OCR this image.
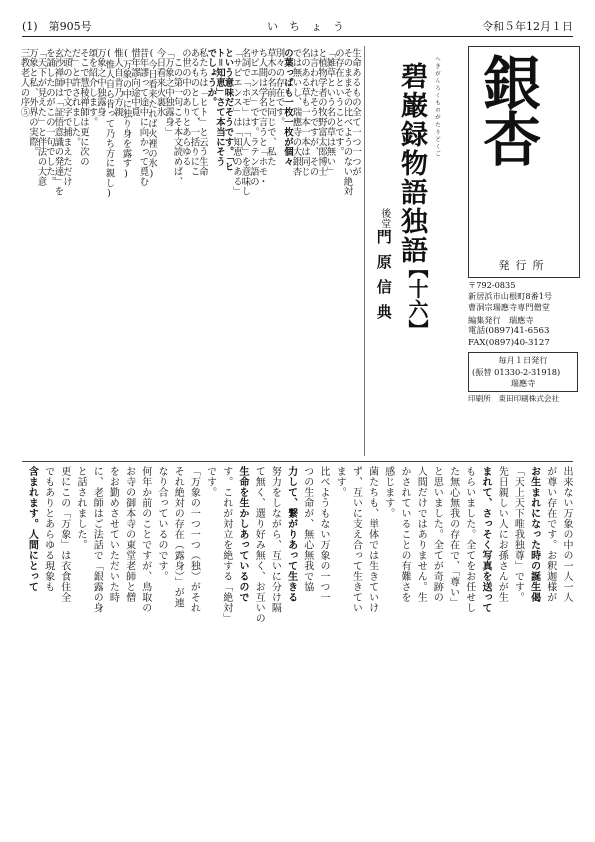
(1)　第905号	い　ち　ょ　う	令和５年12月１日
銀杏
発行所
〒792-0835
新居浜市山根町8番1号
曹洞宗瑞應寺専門僧堂
編集発行　瑞應寺
電話(0897)41-6563
FAX(0897)40-3127
毎月１日発行
(振替 01330-2-31918)
瑞應寺
印刷所　東田印刷株式会社
へきがんろくものがたりどくご
碧巌録物語独語
【十六】
後堂門原信典
生命あるもの全て一つ一つが
そのままその比べようのない絶対
の存在ということです。
「雑草という名の草は無い」
と植物学者の牧野富太郎博士
は言われたそうですが、その
名のある草も一本一本は同じ
では無いし、瑞應寺の大銀杏
の葉っぱも一枚一枚が個々
別々の存在です。
草木の名前と同じで、私た
ち人間は学名で言うと「ホモ・
サピエンス」です。ラテン語の
名詞で「ホモ」は「人」を意味し
「サピエンス」は「知恵のある」
という意味だそうです。「ヒ
ト＝知恵」さて本当にそう
でしょうか。
私たちは「ヒト」と云う生命
あるものとして、一括りにこ
の世の中のありとあらゆる
　この第一句こそ本文読めば、
「万象之中独露身」
今日看来火裏氷
(今日看来たれば火裡の氷)
昔年謬って途中に向かって覓む
惜年謬向途中覓
(万象の中に独り身を露す)
惟人自肯乃方親
(惟人自ら肯って乃ち方に親し)
万象之中独露身
頌を紹介します。
そこで慧稜禅師は更に次の
だ」と許されました。
た頭の中で文字で捕まえただけ
玄沙禅師は「証悟意識の発達」を
を誦したのがこの一句でした。
「天下が見えた」と伴法の大意
万象と私、外界の実際。
三教老人の序⑤
出来ない万象の中の一人一人
が尊い存在です。お釈迦様が
お生まれになった時の誕生偈
「天上天下唯我独尊」です。
先日親しい人にお孫さんが生
まれて、さっそく写真を送って
もらいました。全てをお任せし
た無心無我の存在で、「尊い」
と思いました。全てが奇跡の
人間だけではありません。生
かされていることの有難さを
感じます。
菌たちも、単体では生きていけ
ず、互いに支え合って生きてい
ます。
比べようもない万象の一つ一
つの生命が、無心無我で協
力して、繋がりあって生きる
努力をしながら、互いに分け隔
て無く、選り好み無く、お互いの
生命を生かしあっているので
す。これが対立を絶する「絶対」
です。
「万象の一つ一つ（独）がそれ
それ絶対の存在（露身）」が連
なり合っているのです。
何年か前のことですが、鳥取の
お寺の御本寺の東堂老師と僧
をお勤めさせていただいた時
に、老師はご法話で「銀露の身
と話されました。
更にこの「万象」は衣食住全
でもありとあらゆる現象も
含まれます。人間にとって
